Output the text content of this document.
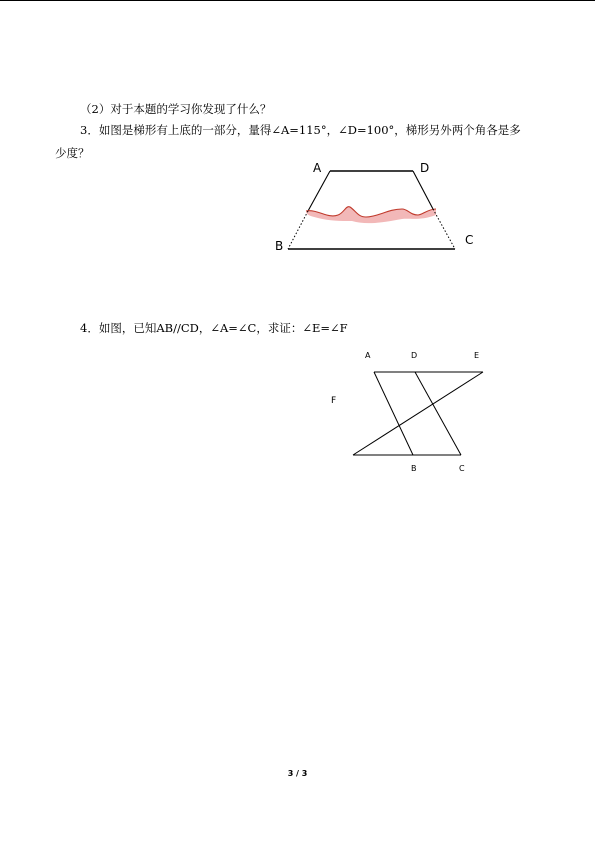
（2）对于本题的学习你发现了什么？
3．如图是梯形有上底的一部分，量得∠A=115°，∠D=100°，梯形另外两个角各是多
少度？
A	D
B	C
4．如图，已知AB//CD，∠A=∠C，求证：∠E=∠F
A	D	E
F
B	C
3 / 3
